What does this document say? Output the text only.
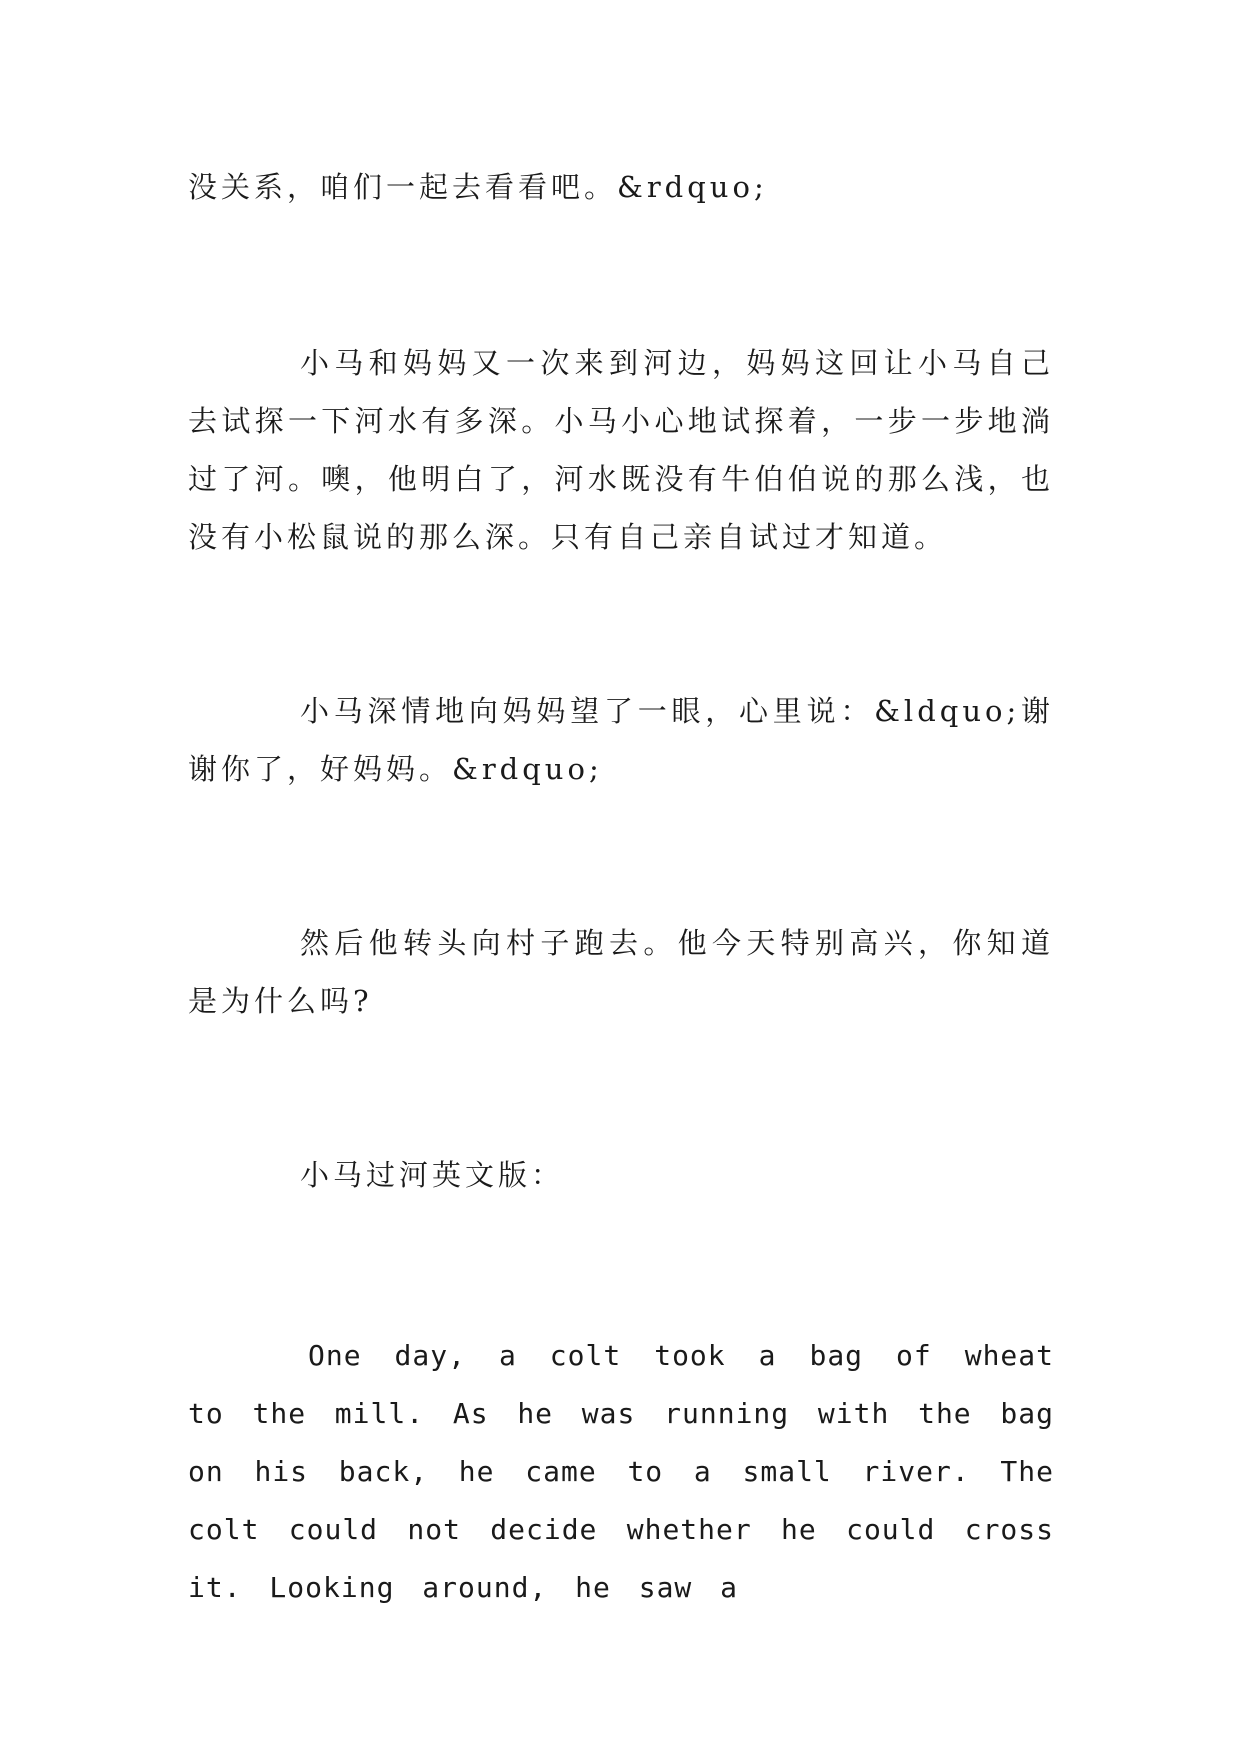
没关系，咱们一起去看看吧。&rdquo;

小马和妈妈又一次来到河边，妈妈这回让小马自己去试探一下河水有多深。小马小心地试探着，一步一步地淌过了河。噢，他明白了，河水既没有牛伯伯说的那么浅，也没有小松鼠说的那么深。只有自己亲自试过才知道。

小马深情地向妈妈望了一眼，心里说：&ldquo;谢谢你了，好妈妈。&rdquo;

然后他转头向村子跑去。他今天特别高兴，你知道是为什么吗?

小马过河英文版：

One day, a colt took a bag of wheat to the mill. As he was running with the bag on his back, he came to a small river. The colt could not decide whether he could cross it. Looking around, he saw a
